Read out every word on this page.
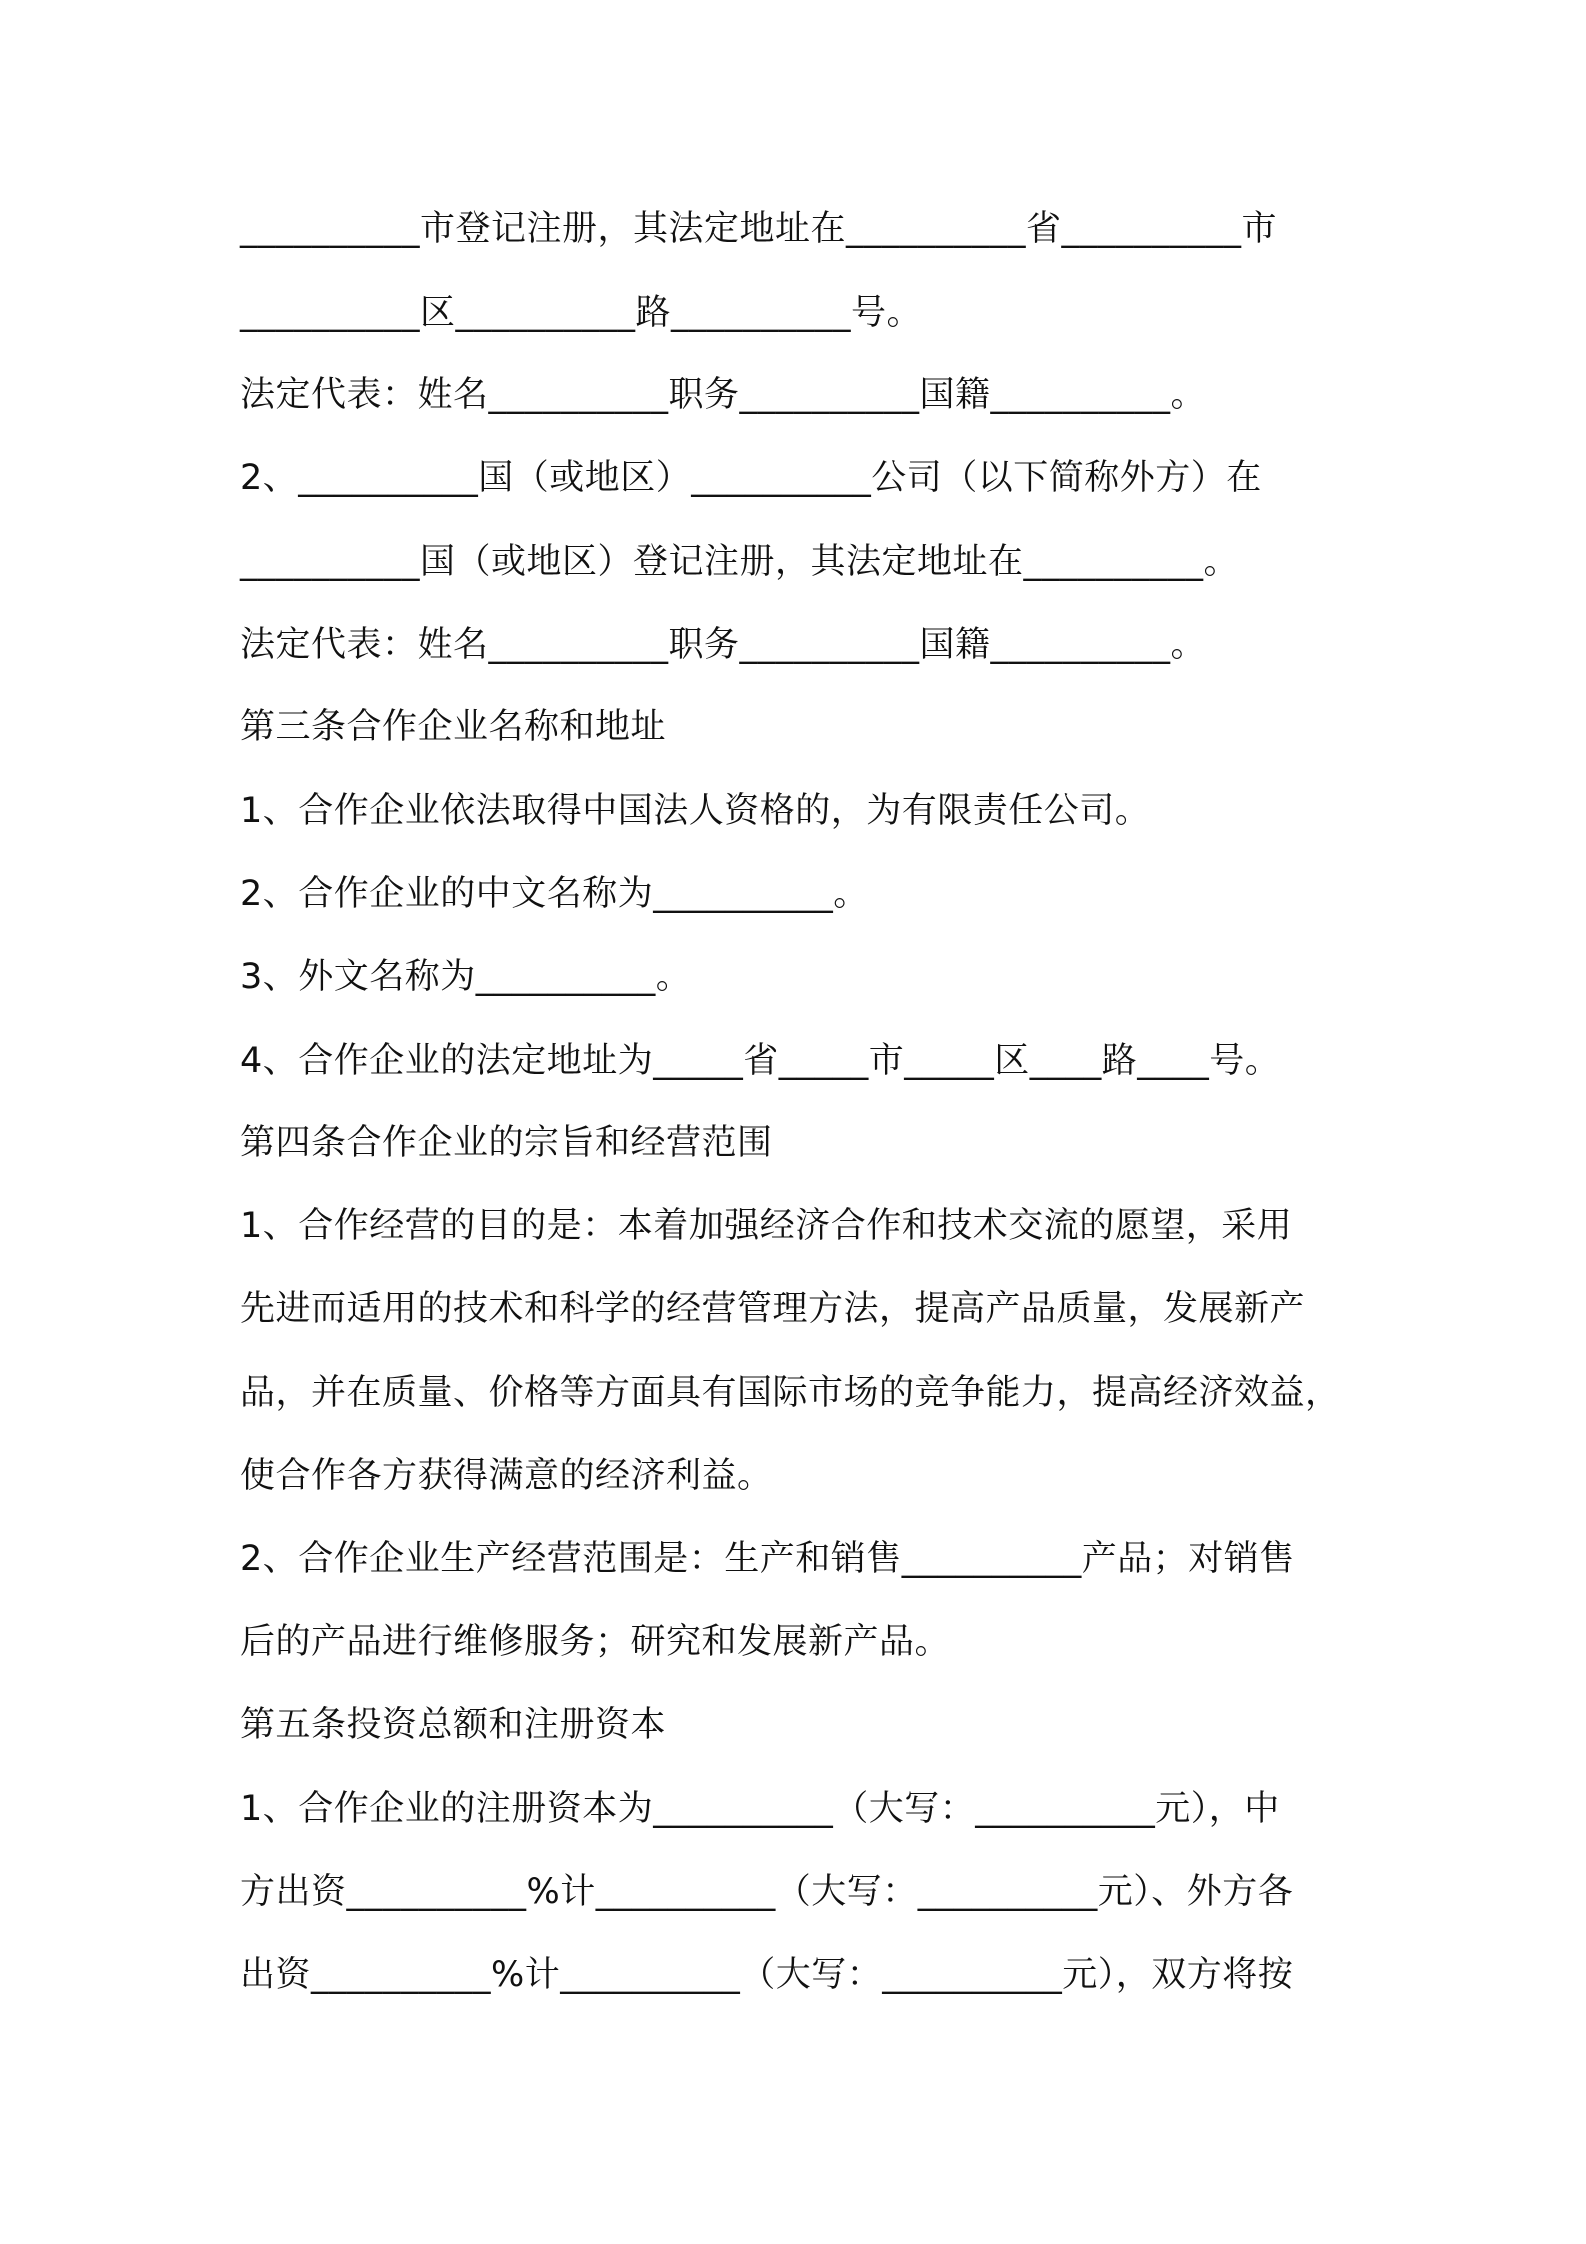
__________市登记注册，其法定地址在__________省__________市

__________区__________路__________号。

法定代表：姓名__________职务__________国籍__________。

2、__________国（或地区）__________公司（以下简称外方）在

__________国（或地区）登记注册，其法定地址在__________。

法定代表：姓名__________职务__________国籍__________。

第三条合作企业名称和地址

1、合作企业依法取得中国法人资格的，为有限责任公司。

2、合作企业的中文名称为__________。

3、外文名称为__________。

4、合作企业的法定地址为_____省_____市_____区____路____号。

第四条合作企业的宗旨和经营范围

1、合作经营的目的是：本着加强经济合作和技术交流的愿望，采用

先进而适用的技术和科学的经营管理方法，提高产品质量，发展新产

品，并在质量、价格等方面具有国际市场的竞争能力，提高经济效益，

使合作各方获得满意的经济利益。

2、合作企业生产经营范围是：生产和销售__________产品；对销售

后的产品进行维修服务；研究和发展新产品。

第五条投资总额和注册资本

1、合作企业的注册资本为__________（大写：__________元），中

方出资__________%计__________（大写：__________元）、外方各

出资__________%计__________（大写：__________元），双方将按
